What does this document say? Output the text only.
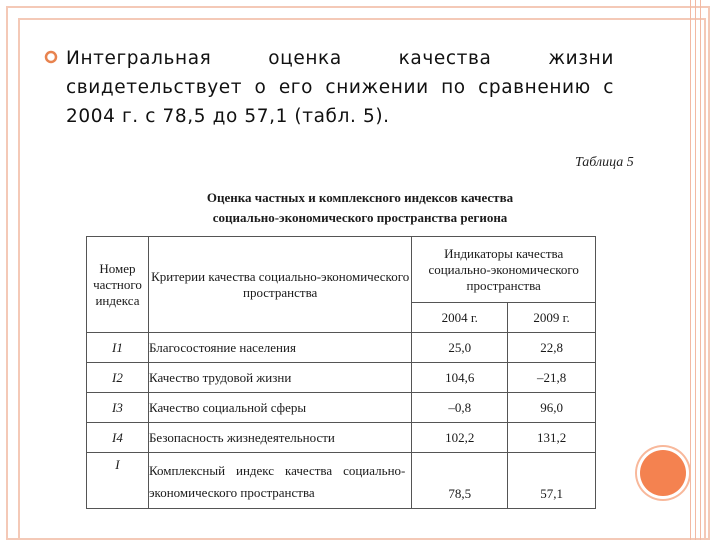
Интегральная оценка качества жизни свидетельствует о его снижении по сравнению с 2004 г. с 78,5 до 57,1 (табл. 5).

Таблица 5
Оценка частных и комплексного индексов качества
социально-экономического пространства региона
Номер частного индекса	Критерии качества социально-экономического пространства	Индикаторы качества социально-экономического пространства	
		2004 г.	2009 г.
I1	Благосостояние населения	25,0	22,8
I2	Качество трудовой жизни	104,6	–21,8
I3	Качество социальной сферы	–0,8	96,0
I4	Безопасность жизнедеятельности	102,2	131,2
I	Комплексный индекс качества социально-экономического пространства	78,5	57,1
